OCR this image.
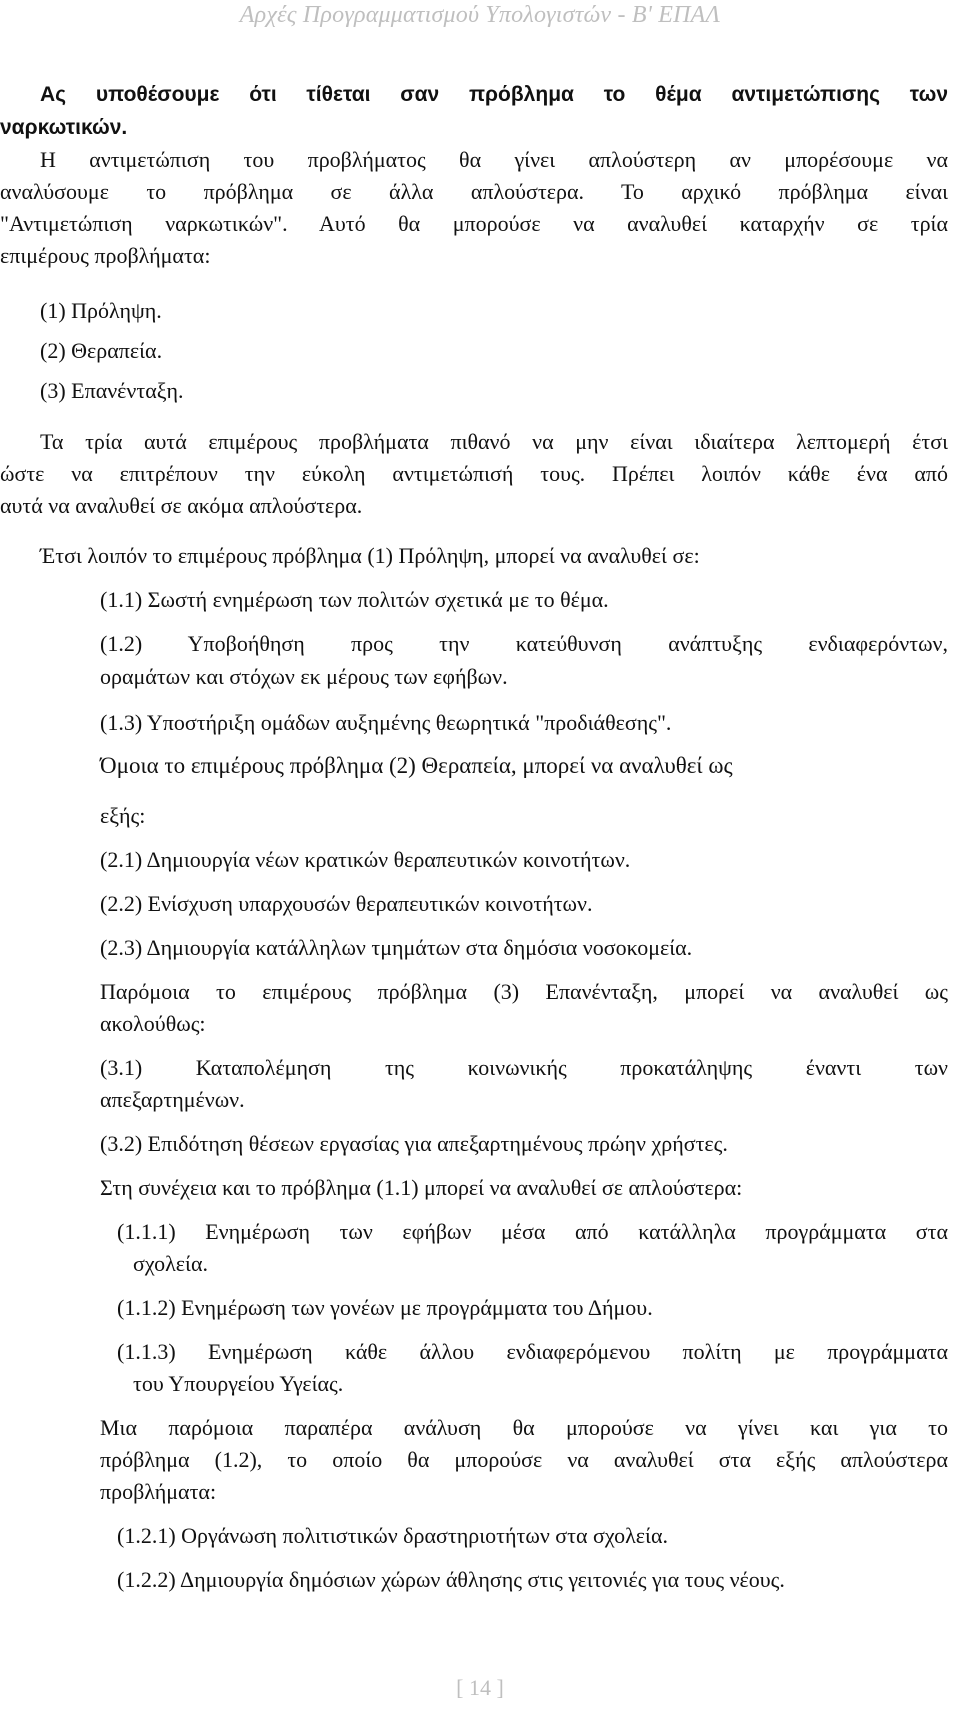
Αρχές Προγραμματισμού Υπολογιστών - Β' ΕΠΑΛ
Ας υποθέσουμε ότι τίθεται σαν πρόβλημα το θέμα αντιμετώπισης των
ναρκωτικών.
Η αντιμετώπιση του προβλήματος θα γίνει απλούστερη αν μπορέσουμε να
αναλύσουμε το πρόβλημα σε άλλα απλούστερα. Το αρχικό πρόβλημα είναι
"Αντιμετώπιση ναρκωτικών". Αυτό θα μπορούσε να αναλυθεί καταρχήν σε τρία
επιμέρους προβλήματα:
(1) Πρόληψη.
(2) Θεραπεία.
(3) Επανένταξη.
Τα τρία αυτά επιμέρους προβλήματα πιθανό να μην είναι ιδιαίτερα λεπτομερή έτσι
ώστε να επιτρέπουν την εύκολη αντιμετώπισή τους. Πρέπει λοιπόν κάθε ένα από
αυτά να αναλυθεί σε ακόμα απλούστερα.
Έτσι λοιπόν το επιμέρους πρόβλημα (1) Πρόληψη, μπορεί να αναλυθεί σε:
(1.1) Σωστή ενημέρωση των πολιτών σχετικά με το θέμα.
(1.2) Υποβοήθηση προς την κατεύθυνση ανάπτυξης ενδιαφερόντων,
οραμάτων και στόχων εκ μέρους των εφήβων.
(1.3) Υποστήριξη ομάδων αυξημένης θεωρητικά "προδιάθεσης".
Όμοια το επιμέρους πρόβλημα (2) Θεραπεία, μπορεί να αναλυθεί ως
εξής:
(2.1) Δημιουργία νέων κρατικών θεραπευτικών κοινοτήτων.
(2.2) Ενίσχυση υπαρχουσών θεραπευτικών κοινοτήτων.
(2.3) Δημιουργία κατάλληλων τμημάτων στα δημόσια νοσοκομεία.
Παρόμοια το επιμέρους πρόβλημα (3) Επανένταξη, μπορεί να αναλυθεί ως
ακολούθως:
(3.1) Καταπολέμηση της κοινωνικής προκατάληψης έναντι των
απεξαρτημένων.
(3.2) Επιδότηση θέσεων εργασίας για απεξαρτημένους πρώην χρήστες.
Στη συνέχεια και το πρόβλημα (1.1) μπορεί να αναλυθεί σε απλούστερα:
(1.1.1) Ενημέρωση των εφήβων μέσα από κατάλληλα προγράμματα στα
σχολεία.
(1.1.2) Ενημέρωση των γονέων με προγράμματα του Δήμου.
(1.1.3) Ενημέρωση κάθε άλλου ενδιαφερόμενου πολίτη με προγράμματα
του Υπουργείου Υγείας.
Μια παρόμοια παραπέρα ανάλυση θα μπορούσε να γίνει και για το
πρόβλημα (1.2), το οποίο θα μπορούσε να αναλυθεί στα εξής απλούστερα
προβλήματα:
(1.2.1) Οργάνωση πολιτιστικών δραστηριοτήτων στα σχολεία.
(1.2.2) Δημιουργία δημόσιων χώρων άθλησης στις γειτονιές για τους νέους.
[ 14 ]
